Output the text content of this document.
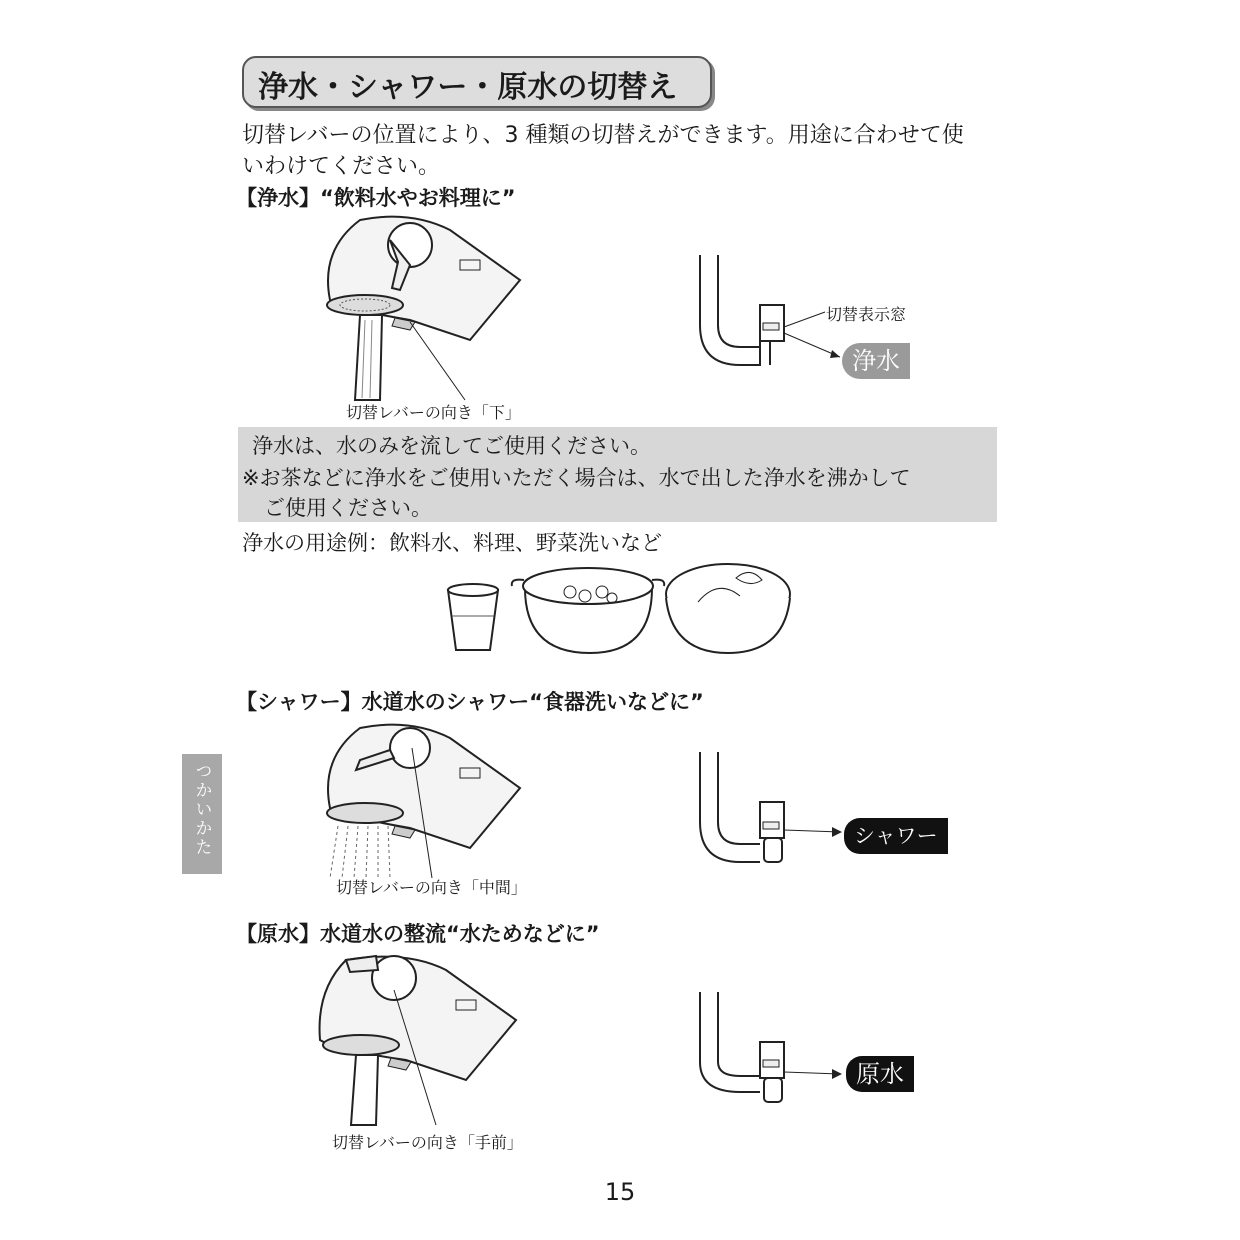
浄水・シャワー・原水の切替え
切替レバーの位置により、3 種類の切替えができます。用途に合わせて使
いわけてください。
【浄水】“飲料水やお料理に”
切替レバーの向き「下」
切替表示窓
浄水
浄水は、水のみを流してご使用ください。
※お茶などに浄水をご使用いただく場合は、水で出した浄水を沸かして
ご使用ください。
浄水の用途例：飲料水、料理、野菜洗いなど
【シャワー】水道水のシャワー“食器洗いなどに”
つかいかた
切替レバーの向き「中間」
シャワー
【原水】水道水の整流“水ためなどに”
切替レバーの向き「手前」
原水
15
